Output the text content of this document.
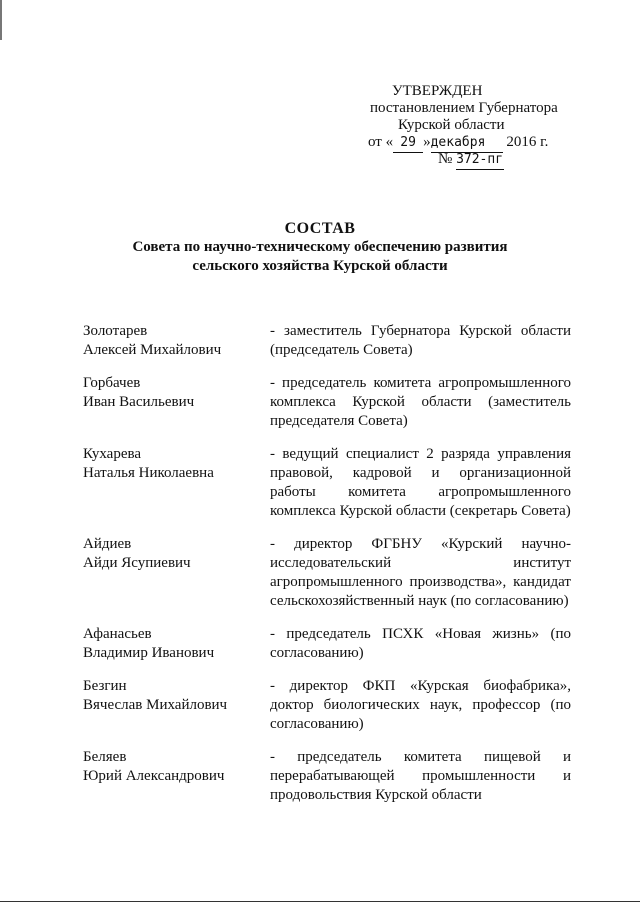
УТВЕРЖДЕН
постановлением Губернатора
Курской области
от « 29 »декабря 2016 г.
№ 372-пг
СОСТАВ
Совета по научно-техническому обеспечению развития
сельского хозяйства Курской области
Золотарев
Алексей Михайлович
- заместитель Губернатора Курской области (председатель Совета)
Горбачев
Иван Васильевич
- председатель комитета агропромышленного комплекса Курской области (заместитель председателя Совета)
Кухарева
Наталья Николаевна
- ведущий специалист 2 разряда управления правовой, кадровой и организационной работы комитета агропромышленного комплекса Курской области (секретарь Совета)
Айдиев
Айди Ясупиевич
- директор ФГБНУ «Курский научно-исследовательский институт агропромышленного производства», кандидат сельскохозяйственный наук (по согласованию)
Афанасьев
Владимир Иванович
- председатель ПСХК «Новая жизнь» (по согласованию)
Безгин
Вячеслав Михайлович
- директор ФКП «Курская биофабрика», доктор биологических наук, профессор (по согласованию)
Беляев
Юрий Александрович
- председатель комитета пищевой и перерабатывающей промышленности и продовольствия Курской области
